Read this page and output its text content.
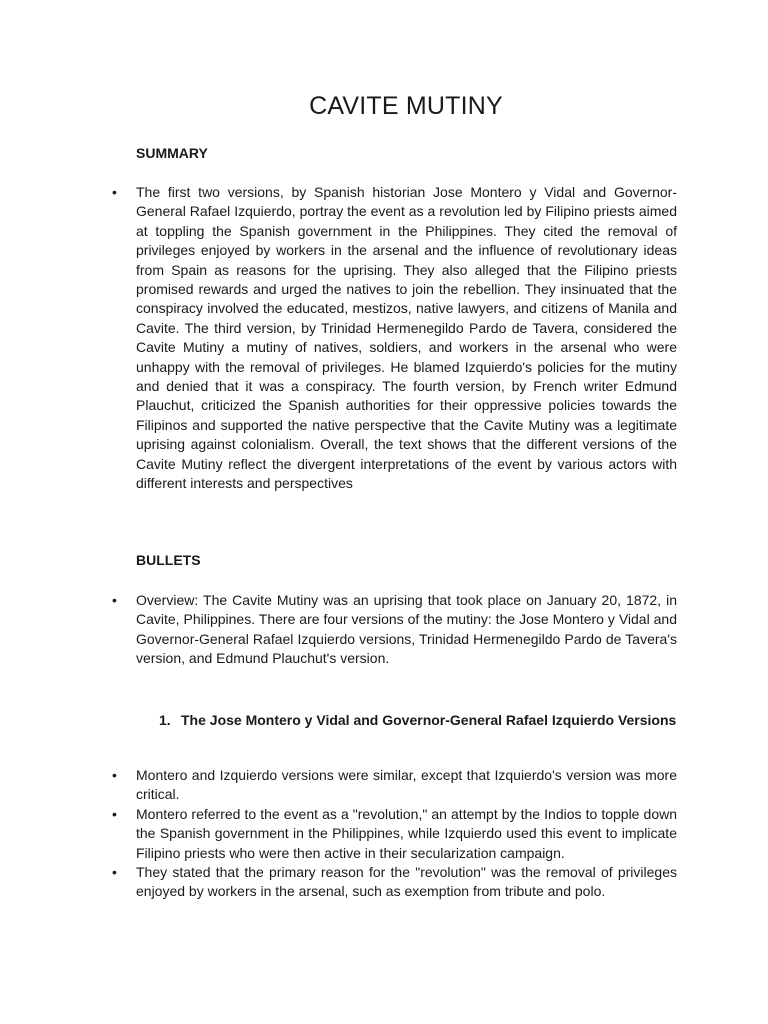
CAVITE MUTINY
SUMMARY
• The first two versions, by Spanish historian Jose Montero y Vidal and Governor-General Rafael Izquierdo, portray the event as a revolution led by Filipino priests aimed at toppling the Spanish government in the Philippines. They cited the removal of privileges enjoyed by workers in the arsenal and the influence of revolutionary ideas from Spain as reasons for the uprising. They also alleged that the Filipino priests promised rewards and urged the natives to join the rebellion. They insinuated that the conspiracy involved the educated, mestizos, native lawyers, and citizens of Manila and Cavite. The third version, by Trinidad Hermenegildo Pardo de Tavera, considered the Cavite Mutiny a mutiny of natives, soldiers, and workers in the arsenal who were unhappy with the removal of privileges. He blamed Izquierdo's policies for the mutiny and denied that it was a conspiracy. The fourth version, by French writer Edmund Plauchut, criticized the Spanish authorities for their oppressive policies towards the Filipinos and supported the native perspective that the Cavite Mutiny was a legitimate uprising against colonialism. Overall, the text shows that the different versions of the Cavite Mutiny reflect the divergent interpretations of the event by various actors with different interests and perspectives
BULLETS
• Overview: The Cavite Mutiny was an uprising that took place on January 20, 1872, in Cavite, Philippines. There are four versions of the mutiny: the Jose Montero y Vidal and Governor-General Rafael Izquierdo versions, Trinidad Hermenegildo Pardo de Tavera's version, and Edmund Plauchut's version.
1. The Jose Montero y Vidal and Governor-General Rafael Izquierdo Versions
• Montero and Izquierdo versions were similar, except that Izquierdo's version was more critical.
• Montero referred to the event as a "revolution," an attempt by the Indios to topple down the Spanish government in the Philippines, while Izquierdo used this event to implicate Filipino priests who were then active in their secularization campaign.
• They stated that the primary reason for the "revolution" was the removal of privileges enjoyed by workers in the arsenal, such as exemption from tribute and polo.
